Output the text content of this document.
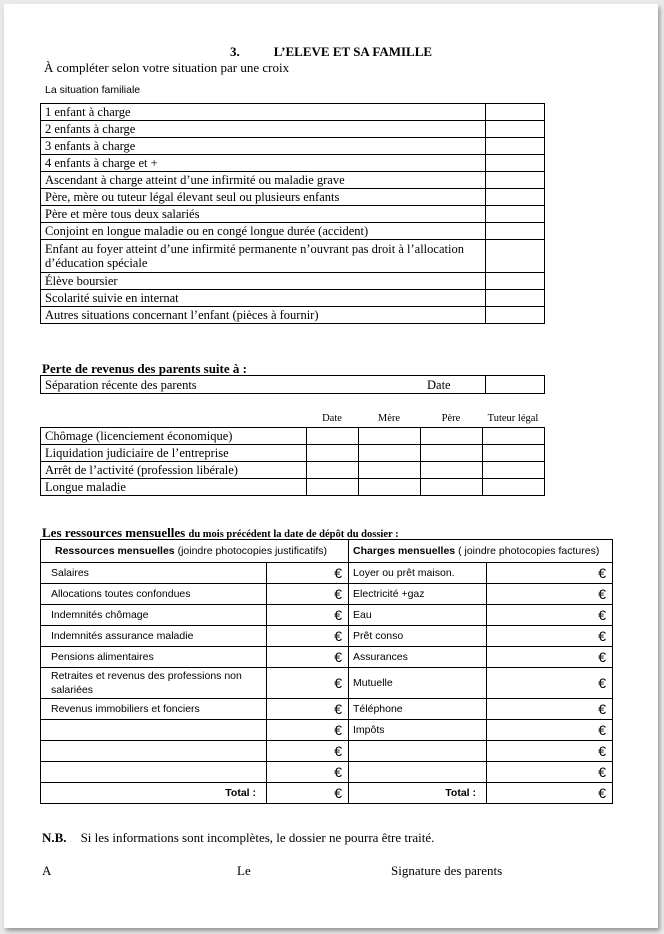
3.	L’ELEVE ET SA FAMILLE
À compléter selon votre situation par une croix
La situation familiale
1 enfant à charge	
2 enfants à charge	
3 enfants à charge	
4 enfants à charge et +	
Ascendant à charge atteint d’une infirmité ou maladie grave	
Père, mère ou tuteur légal élevant seul ou plusieurs enfants	
Père et mère tous deux salariés	
Conjoint en longue maladie ou en congé longue durée (accident)	
Enfant au foyer atteint d’une infirmité permanente n’ouvrant pas droit à l’allocation d’éducation spéciale	
Élève boursier	
Scolarité suivie en internat	
Autres situations concernant l’enfant (pièces à fournir)	
Perte de revenus des parents suite à :
Séparation récente des parents	Date

Date	Mère	Père	Tuteur légal
Chômage (licenciement économique)				
Liquidation judiciaire de l’entreprise				
Arrêt de l’activité (profession libérale)				
Longue maladie				
Les ressources mensuelles du mois précédent la date de dépôt du dossier :
Ressources mensuelles (joindre photocopies justificatifs)		Charges mensuelles ( joindre photocopies factures)	
Salaires	€	Loyer ou prêt maison.	€
Allocations toutes confondues	€	Electricité +gaz	€
Indemnités chômage	€	Eau	€
Indemnités assurance maladie	€	Prêt conso	€
Pensions alimentaires	€	Assurances	€
Retraites et revenus des professions non salariées	€	Mutuelle	€
Revenus immobiliers et fonciers	€	Téléphone	€
	€	Impôts	€
	€		€
	€		€
Total :	€	Total :	€
N.B. Si les informations sont incomplètes, le dossier ne pourra être traité.
A	Le	Signature des parents
